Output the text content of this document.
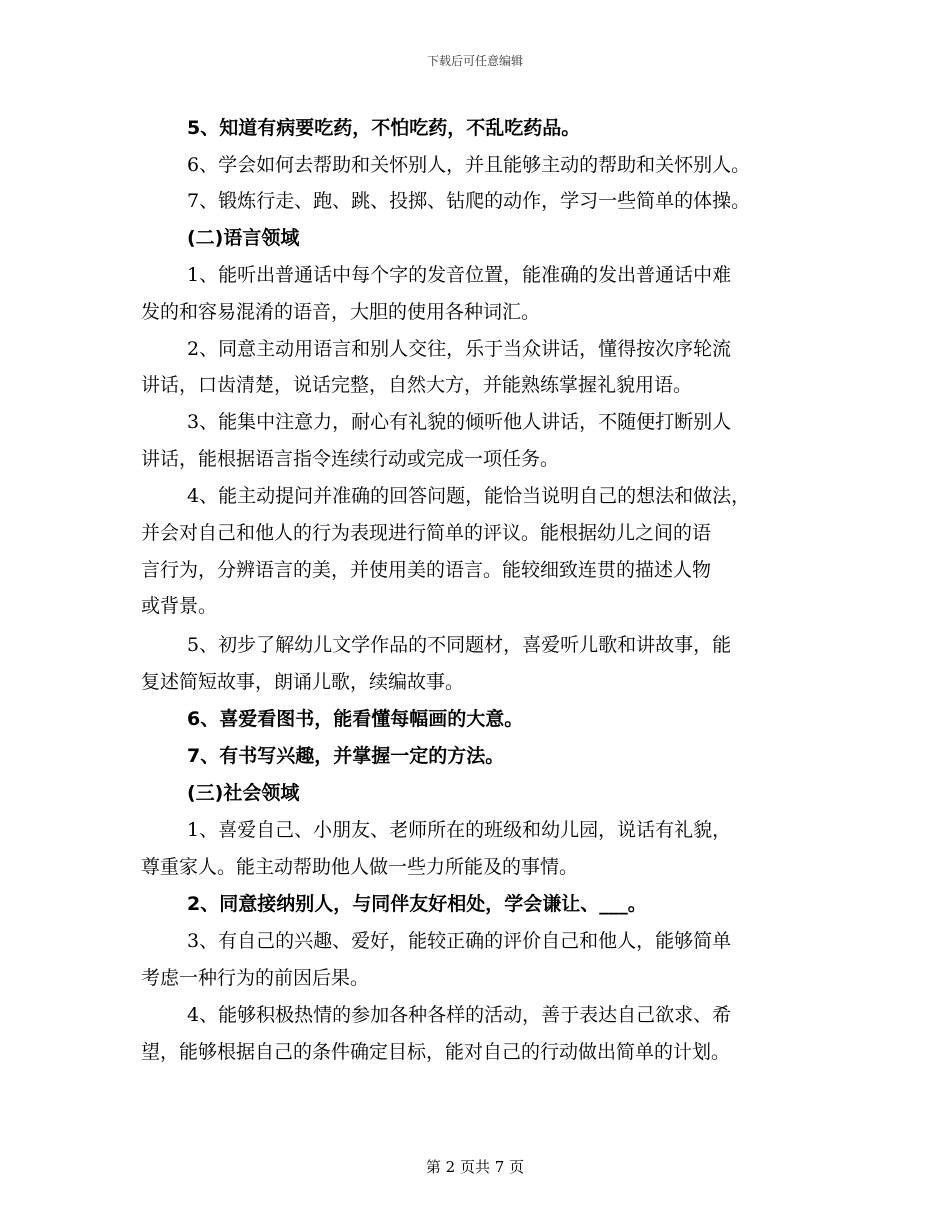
下载后可任意编辑
5、知道有病要吃药，不怕吃药，不乱吃药品。
6、学会如何去帮助和关怀别人，并且能够主动的帮助和关怀别人。
7、锻炼行走、跑、跳、投掷、钻爬的动作，学习一些简单的体操。
(二)语言领域
1、能听出普通话中每个字的发音位置，能准确的发出普通话中难
发的和容易混淆的语音，大胆的使用各种词汇。
2、同意主动用语言和别人交往，乐于当众讲话，懂得按次序轮流
讲话，口齿清楚，说话完整，自然大方，并能熟练掌握礼貌用语。
3、能集中注意力，耐心有礼貌的倾听他人讲话，不随便打断别人
讲话，能根据语言指令连续行动或完成一项任务。
4、能主动提问并准确的回答问题，能恰当说明自己的想法和做法，
并会对自己和他人的行为表现进行简单的评议。能根据幼儿之间的语
言行为，分辨语言的美，并使用美的语言。能较细致连贯的描述人物
或背景。
5、初步了解幼儿文学作品的不同题材，喜爱听儿歌和讲故事，能
复述简短故事，朗诵儿歌，续编故事。
6、喜爱看图书，能看懂每幅画的大意。
7、有书写兴趣，并掌握一定的方法。
(三)社会领域
1、喜爱自己、小朋友、老师所在的班级和幼儿园，说话有礼貌，
尊重家人。能主动帮助他人做一些力所能及的事情。
2、同意接纳别人，与同伴友好相处，学会谦让、___。
3、有自己的兴趣、爱好，能较正确的评价自己和他人，能够简单
考虑一种行为的前因后果。
4、能够积极热情的参加各种各样的活动，善于表达自己欲求、希
望，能够根据自己的条件确定目标，能对自己的行动做出简单的计划。
第 2 页共 7 页
